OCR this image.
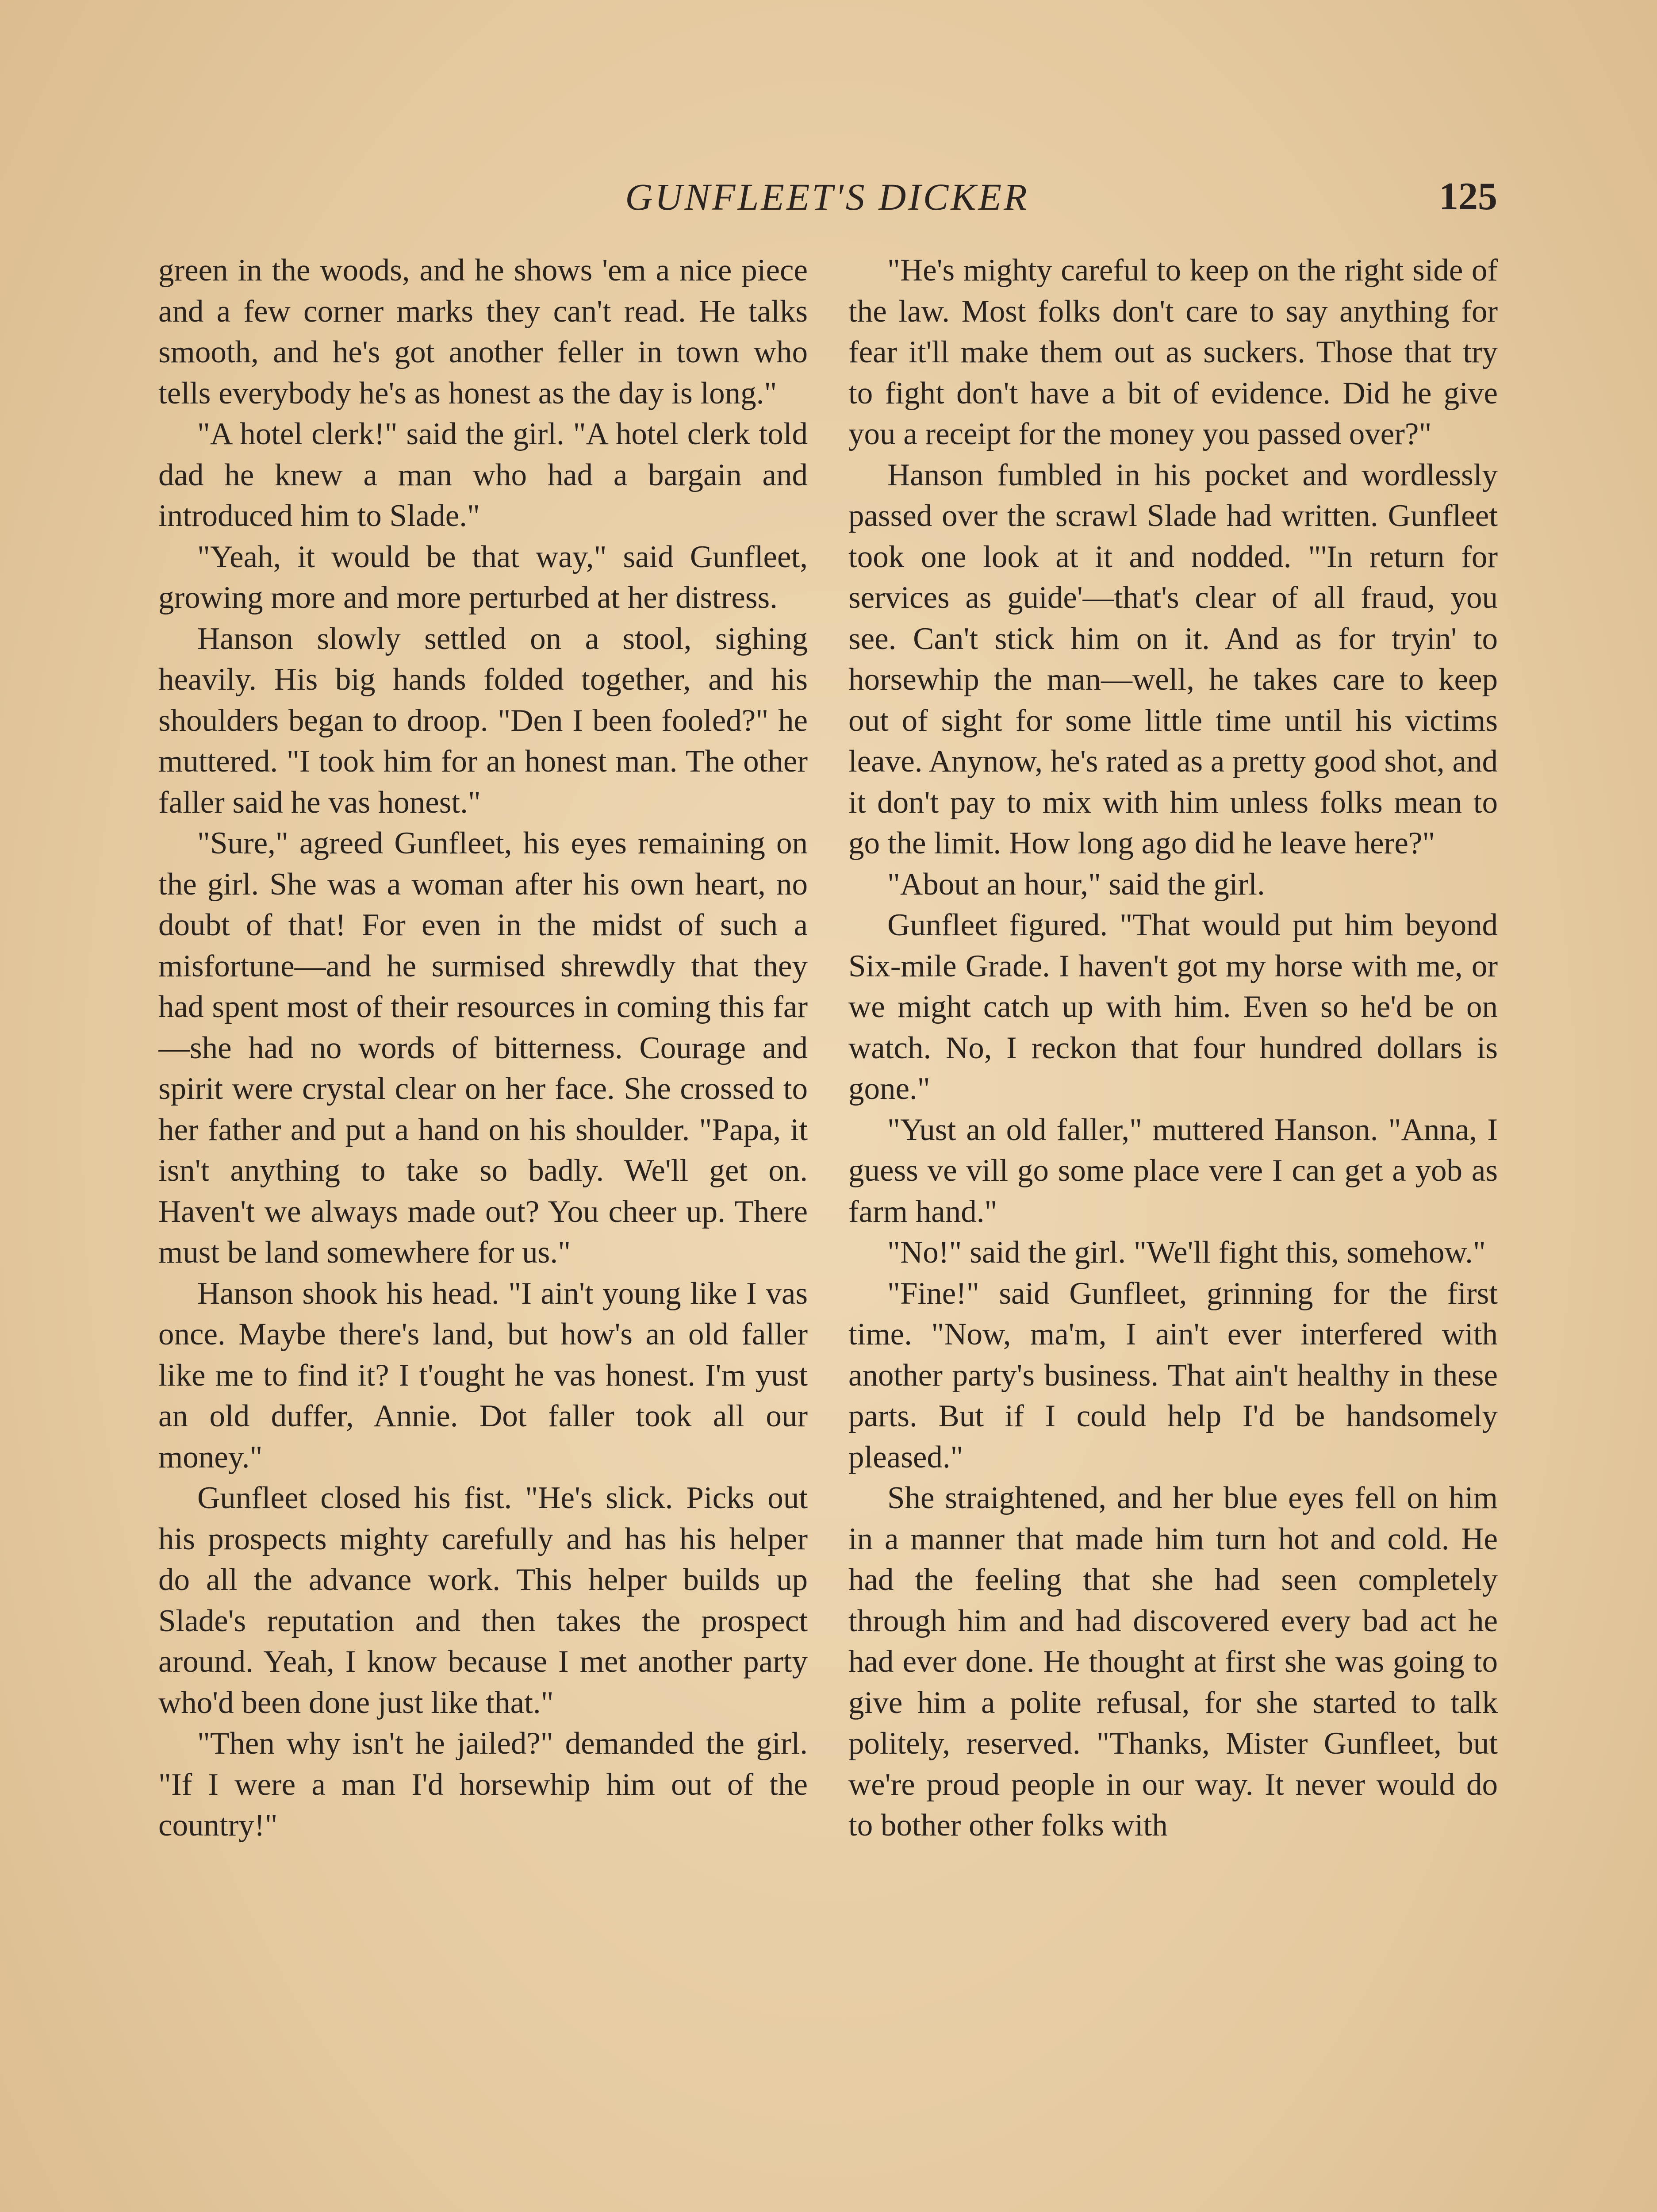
GUNFLEET'S DICKER	125

green in the woods, and he shows 'em a nice piece and a few corner marks they can't read. He talks smooth, and he's got another feller in town who tells everybody he's as honest as the day is long."

"A hotel clerk!" said the girl. "A hotel clerk told dad he knew a man who had a bargain and introduced him to Slade."

"Yeah, it would be that way," said Gunfleet, growing more and more perturbed at her distress.

Hanson slowly settled on a stool, sighing heavily. His big hands folded together, and his shoulders began to droop. "Den I been fooled?" he muttered. "I took him for an honest man. The other faller said he vas honest."

"Sure," agreed Gunfleet, his eyes remaining on the girl. She was a woman after his own heart, no doubt of that! For even in the midst of such a misfortune—and he surmised shrewdly that they had spent most of their resources in coming this far—she had no words of bitterness. Courage and spirit were crystal clear on her face. She crossed to her father and put a hand on his shoulder. "Papa, it isn't anything to take so badly. We'll get on. Haven't we always made out? You cheer up. There must be land somewhere for us."

Hanson shook his head. "I ain't young like I vas once. Maybe there's land, but how's an old faller like me to find it? I t'ought he vas honest. I'm yust an old duffer, Annie. Dot faller took all our money."

Gunfleet closed his fist. "He's slick. Picks out his prospects mighty carefully and has his helper do all the advance work. This helper builds up Slade's reputation and then takes the prospect around. Yeah, I know because I met another party who'd been done just like that."

"Then why isn't he jailed?" demanded the girl. "If I were a man I'd horsewhip him out of the country!"

"He's mighty careful to keep on the right side of the law. Most folks don't care to say anything for fear it'll make them out as suckers. Those that try to fight don't have a bit of evidence. Did he give you a receipt for the money you passed over?"

Hanson fumbled in his pocket and wordlessly passed over the scrawl Slade had written. Gunfleet took one look at it and nodded. "'In return for services as guide'—that's clear of all fraud, you see. Can't stick him on it. And as for tryin' to horsewhip the man—well, he takes care to keep out of sight for some little time until his victims leave. Anynow, he's rated as a pretty good shot, and it don't pay to mix with him unless folks mean to go the limit. How long ago did he leave here?"

"About an hour," said the girl.

Gunfleet figured. "That would put him beyond Six-mile Grade. I haven't got my horse with me, or we might catch up with him. Even so he'd be on watch. No, I reckon that four hundred dollars is gone."

"Yust an old faller," muttered Hanson. "Anna, I guess ve vill go some place vere I can get a yob as farm hand."

"No!" said the girl. "We'll fight this, somehow."

"Fine!" said Gunfleet, grinning for the first time. "Now, ma'm, I ain't ever interfered with another party's business. That ain't healthy in these parts. But if I could help I'd be handsomely pleased."

She straightened, and her blue eyes fell on him in a manner that made him turn hot and cold. He had the feeling that she had seen completely through him and had discovered every bad act he had ever done. He thought at first she was going to give him a polite refusal, for she started to talk politely, reserved. "Thanks, Mister Gunfleet, but we're proud people in our way. It never would do to bother other folks with
